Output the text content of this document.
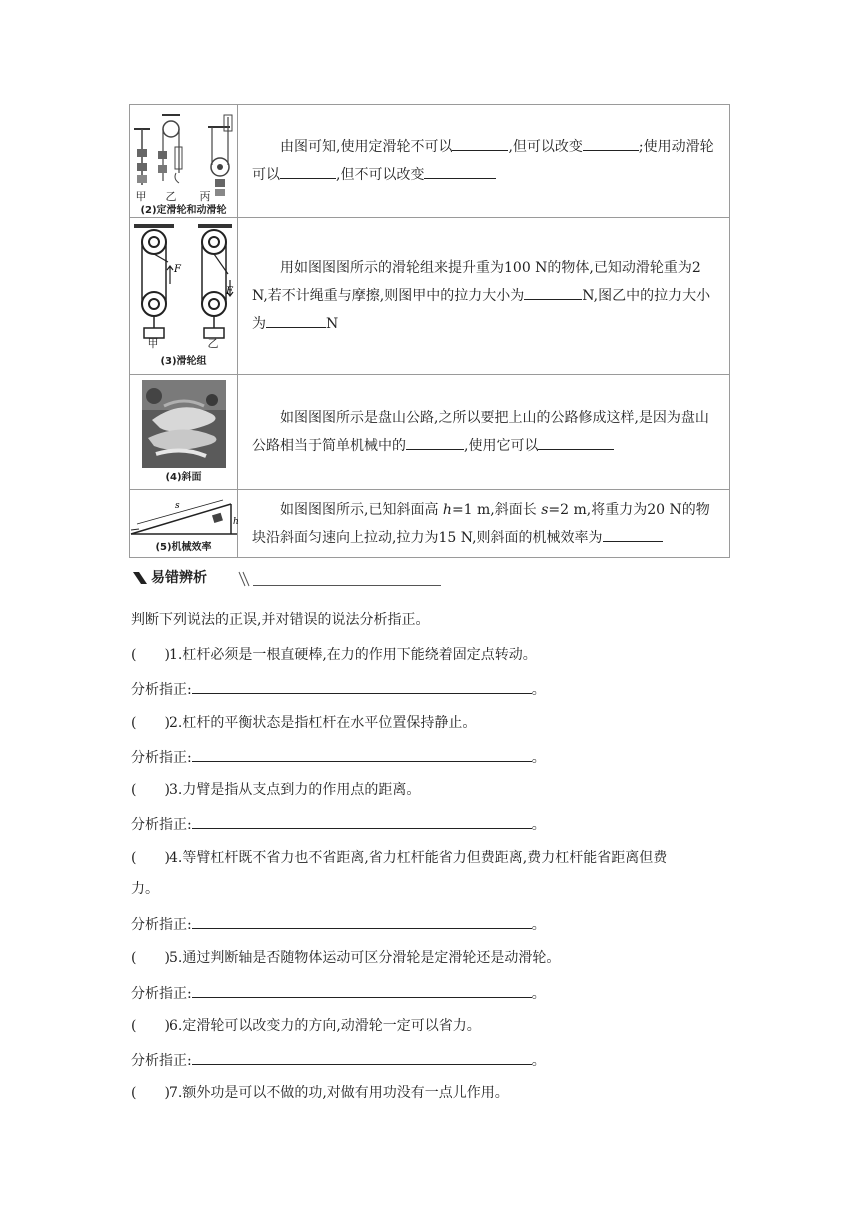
甲 乙 丙
(2)定滑轮和动滑轮	由图可知,使用定滑轮不可以 ,但可以改变 ;使用动滑轮可以 ,但不可以改变

F
F
甲 乙
(3)滑轮组	用如图图图所示的滑轮组来提升重为100 N的物体,已知动滑轮重为2 N,若不计绳重与摩擦,则图甲中的拉力大小为 N,图乙中的拉力大小为 N

(4)斜面	如图图图所示是盘山公路,之所以要把上山的公路修成这样,是因为盘山公路相当于简单机械中的 ,使用它可以

s
h
(5)机械效率	如图图图所示,已知斜面高 h=1 m,斜面长 s=2 m,将重力为20 N的物块沿斜面匀速向上拉动,拉力为15 N,则斜面的机械效率为
易错辨析
判断下列说法的正误,并对错误的说法分析指正。
(　　)1.杠杆必须是一根直硬棒,在力的作用下能绕着固定点转动。
分析指正:	。
(　　)2.杠杆的平衡状态是指杠杆在水平位置保持静止。
分析指正:	。
(　　)3.力臂是指从支点到力的作用点的距离。
分析指正:	。
(　　)4.等臂杠杆既不省力也不省距离,省力杠杆能省力但费距离,费力杠杆能省距离但费
力。
分析指正:	。
(　　)5.通过判断轴是否随物体运动可区分滑轮是定滑轮还是动滑轮。
分析指正:	。
(　　)6.定滑轮可以改变力的方向,动滑轮一定可以省力。
分析指正:	。
(　　)7.额外功是可以不做的功,对做有用功没有一点儿作用。
